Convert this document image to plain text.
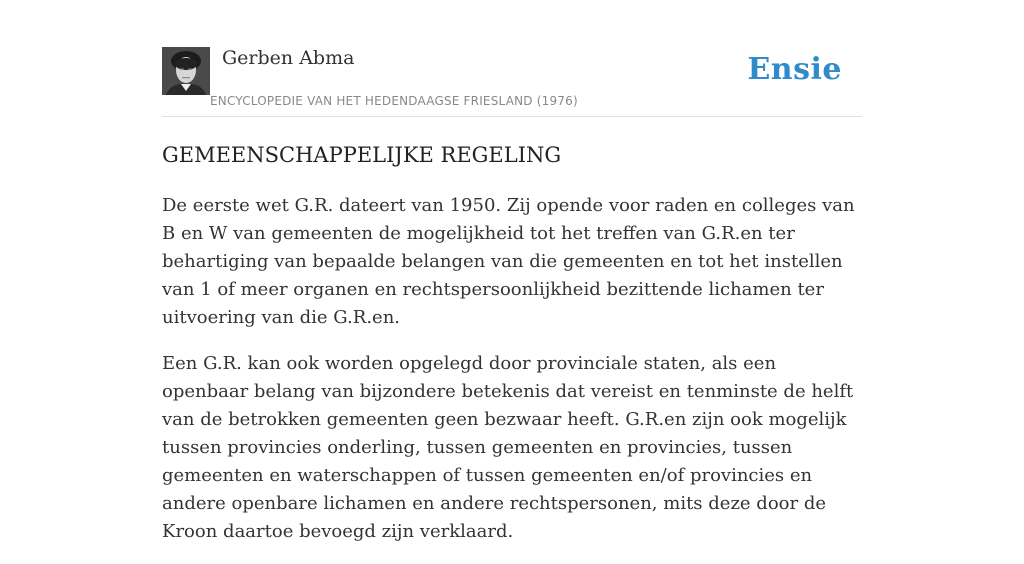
Gerben Abma
ENCYCLOPEDIE VAN HET HEDENDAAGSE FRIESLAND (1976)
Ensie
GEMEENSCHAPPELIJKE REGELING

De eerste wet G.R. dateert van 1950. Zij opende voor raden en colleges van B en W van gemeenten de mogelijkheid tot het treffen van G.R.en ter behartiging van bepaalde belangen van die gemeenten en tot het instellen van 1 of meer organen en rechtspersoonlijkheid bezittende lichamen ter uitvoering van die G.R.en.

Een G.R. kan ook worden opgelegd door provinciale staten, als een openbaar belang van bijzondere betekenis dat vereist en tenminste de helft van de betrokken gemeenten geen bezwaar heeft. G.R.en zijn ook mogelijk tussen provincies onderling, tussen gemeenten en provincies, tussen gemeenten en waterschappen of tussen gemeenten en/of provincies en andere openbare lichamen en andere rechtspersonen, mits deze door de Kroon daartoe bevoegd zijn verklaard.
